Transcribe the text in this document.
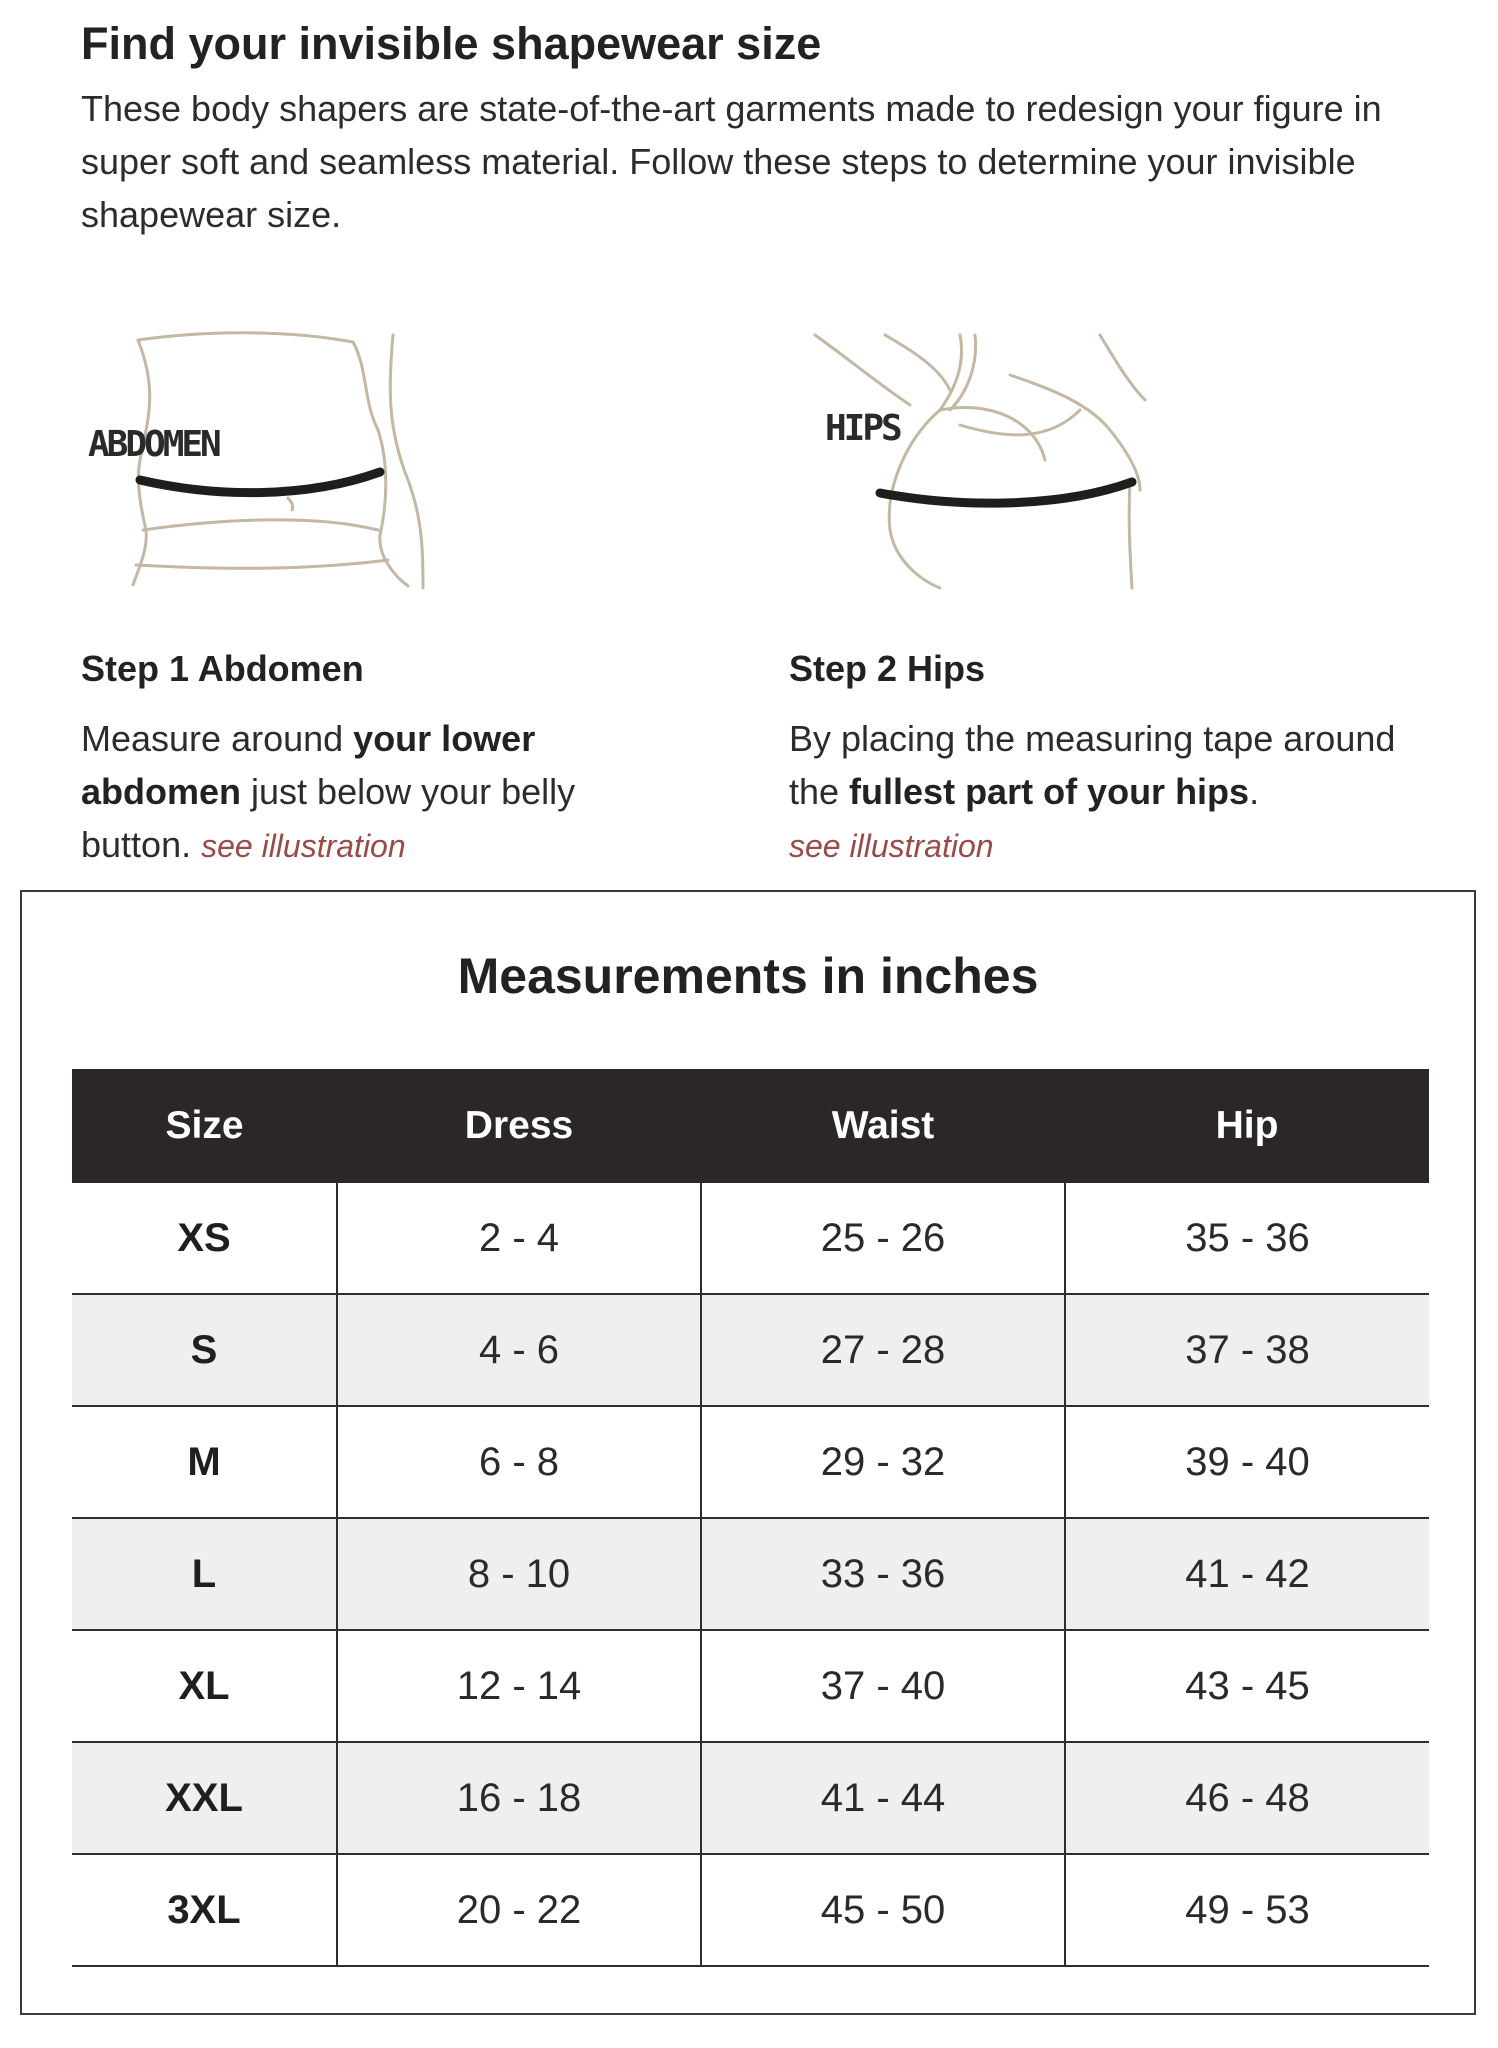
Find your invisible shapewear size

These body shapers are state-of-the-art garments made to redesign your figure in super soft and seamless material. Follow these steps to determine your invisible shapewear size.

ABDOMEN	HIPS
Step 1 Abdomen

Measure around your lower abdomen just below your belly button. see illustration

Step 2 Hips

By placing the measuring tape around the fullest part of your hips.
see illustration

Measurements in inches
Size	Dress	Waist	Hip
XS	2 - 4	25 - 26	35 - 36
S	4 - 6	27 - 28	37 - 38
M	6 - 8	29 - 32	39 - 40
L	8 - 10	33 - 36	41 - 42
XL	12 - 14	37 - 40	43 - 45
XXL	16 - 18	41 - 44	46 - 48
3XL	20 - 22	45 - 50	49 - 53
